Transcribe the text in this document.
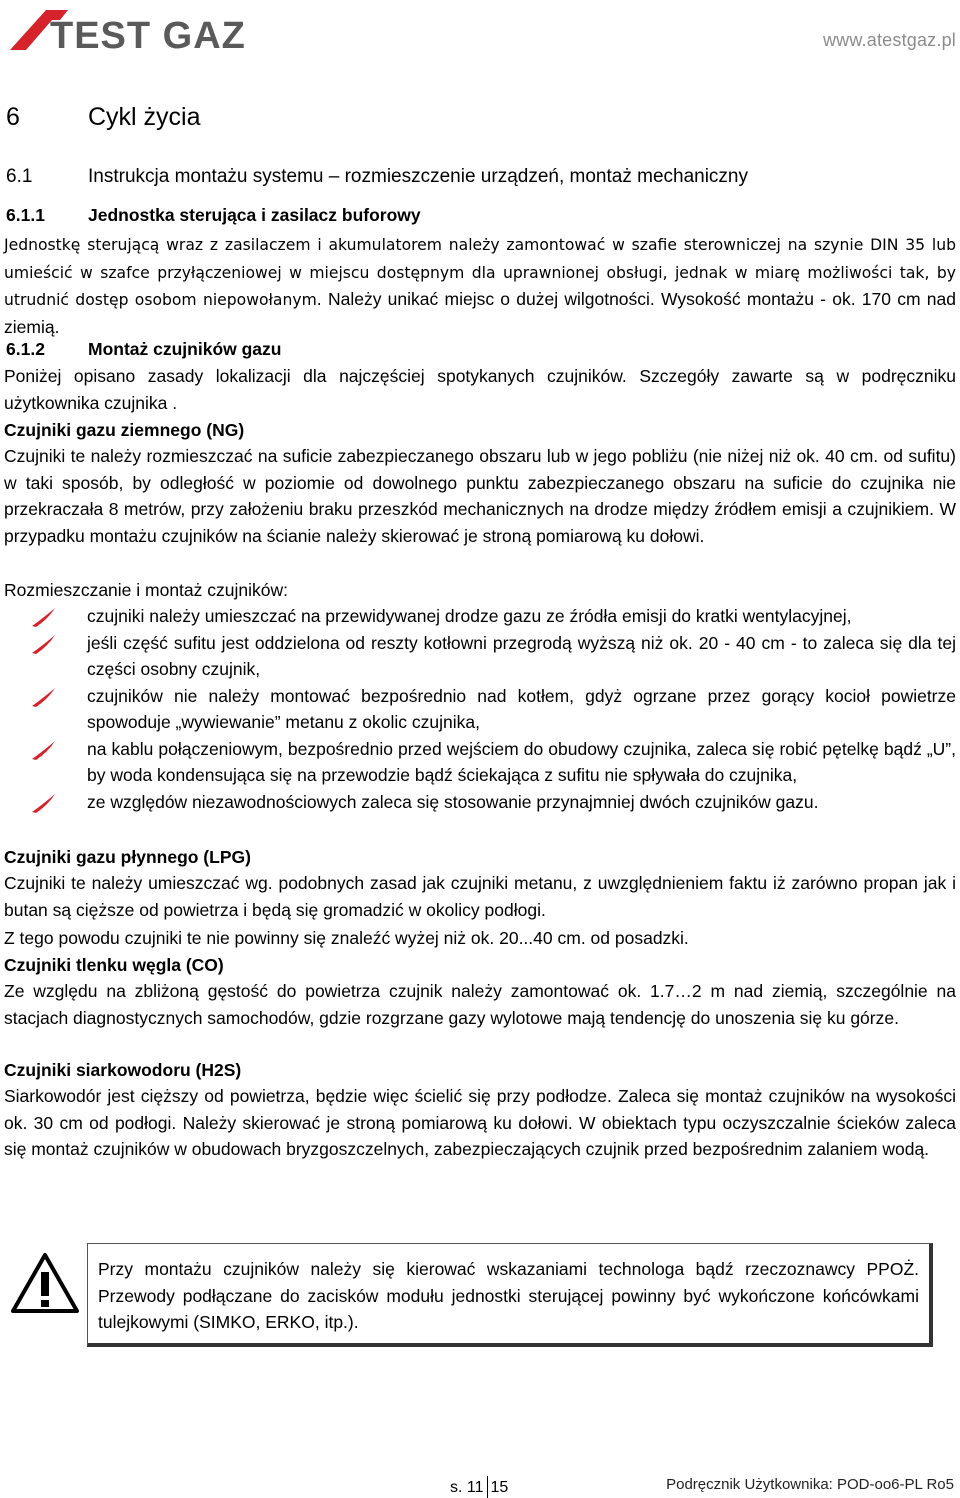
TEST GAZ	www.atestgaz.pl
6	Cykl życia
6.1	Instrukcja montażu systemu – rozmieszczenie urządzeń, montaż mechaniczny
6.1.1 Jednostka sterująca i zasilacz buforowy
Jednostkę sterującą wraz z zasilaczem i akumulatorem należy zamontować w szafie sterowniczej na szynie DIN 35 lub umieścić w szafce przyłączeniowej w miejscu dostępnym dla uprawnionej obsługi, jednak w miarę możliwości tak, by utrudnić dostęp osobom niepowołanym. Należy unikać miejsc o dużej wilgotności. Wysokość montażu - ok. 170 cm nad ziemią.
6.1.2 Montaż czujników gazu
Poniżej opisano zasady lokalizacji dla najczęściej spotykanych czujników. Szczegóły zawarte są w podręczniku użytkownika czujnika .
Czujniki gazu ziemnego (NG)
Czujniki te należy rozmieszczać na suficie zabezpieczanego obszaru lub w jego pobliżu (nie niżej niż ok. 40 cm. od sufitu) w taki sposób, by odległość w poziomie od dowolnego punktu zabezpieczanego obszaru na suficie do czujnika nie przekraczała 8 metrów, przy założeniu braku przeszkód mechanicznych na drodze między źródłem emisji a czujnikiem. W przypadku montażu czujników na ścianie należy skierować je stroną pomiarową ku dołowi.
Rozmieszczanie i montaż czujników:

czujniki należy umieszczać na przewidywanej drodze gazu ze źródła emisji do kratki wentylacyjnej,

jeśli część sufitu jest oddzielona od reszty kotłowni przegrodą wyższą niż ok. 20 - 40 cm - to zaleca się dla tej części osobny czujnik,

czujników nie należy montować bezpośrednio nad kotłem, gdyż ogrzane przez gorący kocioł powietrze spowoduje „wywiewanie” metanu z okolic czujnika,

na kablu połączeniowym, bezpośrednio przed wejściem do obudowy czujnika, zaleca się robić pętelkę bądź „U”, by woda kondensująca się na przewodzie bądź ściekająca z sufitu nie spływała do czujnika,

ze względów niezawodnościowych zaleca się stosowanie przynajmniej dwóch czujników gazu.

Czujniki gazu płynnego (LPG)
Czujniki te należy umieszczać wg. podobnych zasad jak czujniki metanu, z uwzględnieniem faktu iż zarówno propan jak i butan są cięższe od powietrza i będą się gromadzić w okolicy podłogi.
Z tego powodu czujniki te nie powinny się znaleźć wyżej niż ok. 20...40 cm. od posadzki.
Czujniki tlenku węgla (CO)
Ze względu na zbliżoną gęstość do powietrza czujnik należy zamontować ok. 1.7…2 m nad ziemią, szczególnie na stacjach diagnostycznych samochodów, gdzie rozgrzane gazy wylotowe mają tendencję do unoszenia się ku górze.
Czujniki siarkowodoru (H2S)
Siarkowodór jest cięższy od powietrza, będzie więc ścielić się przy podłodze. Zaleca się montaż czujników na wysokości ok. 30 cm od podłogi. Należy skierować je stroną pomiarową ku dołowi. W obiektach typu oczyszczalnie ścieków zaleca się montaż czujników w obudowach bryzgoszczelnych, zabezpieczających czujnik przed bezpośrednim zalaniem wodą.
Przy montażu czujników należy się kierować wskazaniami technologa bądź rzeczoznawcy PPOŻ. Przewody podłączane do zacisków modułu jednostki sterującej powinny być wykończone końcówkami tulejkowymi (SIMKO, ERKO, itp.).
s. 11 15	Podręcznik Użytkownika: POD-oo6-PL Ro5
